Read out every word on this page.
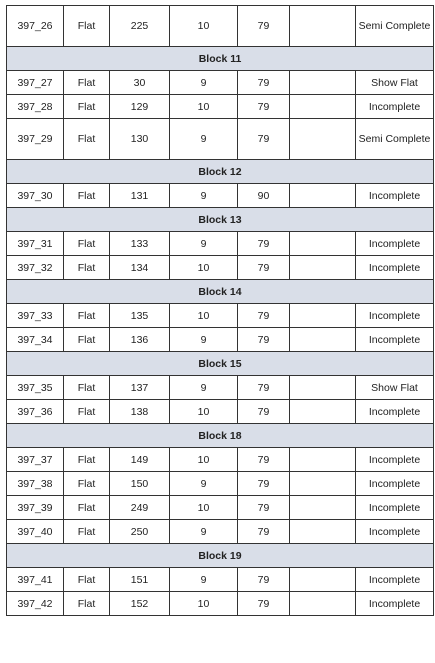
397_26	Flat	225	10	79		Semi Complete
Block 11						
397_27	Flat	30	9	79		Show Flat
397_28	Flat	129	10	79		Incomplete
397_29	Flat	130	9	79		Semi Complete
Block 12						
397_30	Flat	131	9	90		Incomplete
Block 13						
397_31	Flat	133	9	79		Incomplete
397_32	Flat	134	10	79		Incomplete
Block 14						
397_33	Flat	135	10	79		Incomplete
397_34	Flat	136	9	79		Incomplete
Block 15						
397_35	Flat	137	9	79		Show Flat
397_36	Flat	138	10	79		Incomplete
Block 18						
397_37	Flat	149	10	79		Incomplete
397_38	Flat	150	9	79		Incomplete
397_39	Flat	249	10	79		Incomplete
397_40	Flat	250	9	79		Incomplete
Block 19						
397_41	Flat	151	9	79		Incomplete
397_42	Flat	152	10	79		Incomplete
